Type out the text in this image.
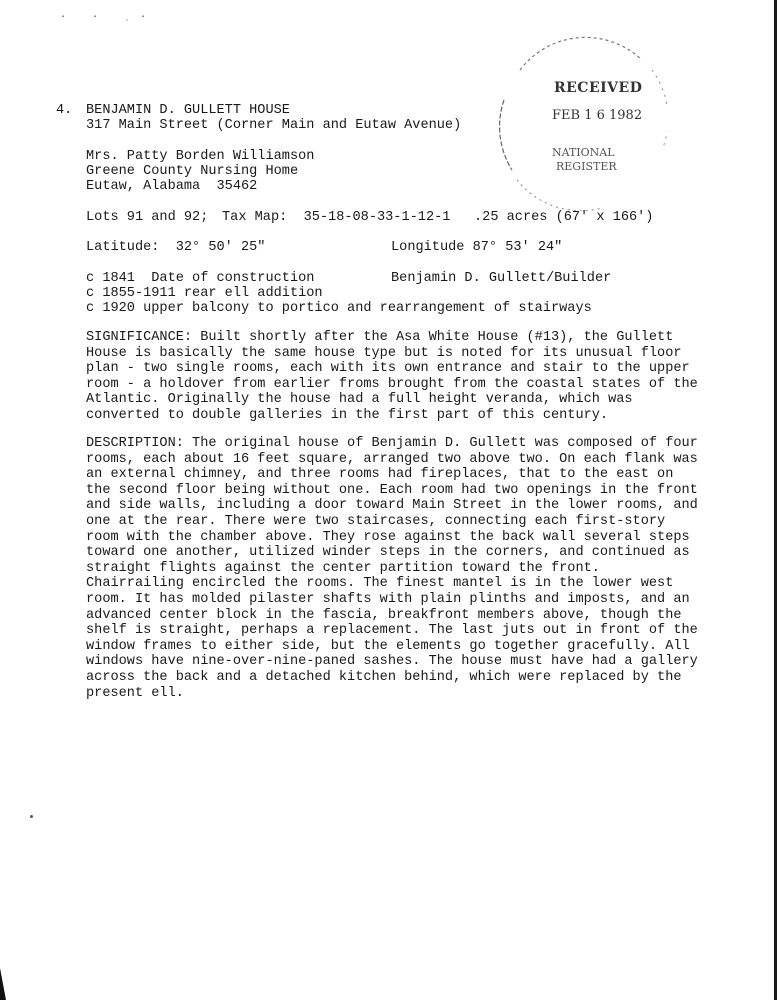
· · ˌ·
RECEIVED
FEB 1 6 1982
NATIONAL
REGISTER
4. BENJAMIN D. GULLETT HOUSE
317 Main Street (Corner Main and Eutaw Avenue)
Mrs. Patty Borden Williamson
Greene County Nursing Home
Eutaw, Alabama  35462
Lots 91 and 92; Tax Map:  35-18-08-33-1-12-1 .25 acres (67' x 166')
Latitude:  32° 50' 25"	Longitude 87° 53' 24"
c 1841  Date of construction	Benjamin D. Gullett/Builder
c 1855-1911 rear ell addition
c 1920 upper balcony to portico and rearrangement of stairways
SIGNIFICANCE: Built shortly after the Asa White House (#13), the Gullett House is basically the same house type but is noted for its unusual floor plan - two single rooms, each with its own entrance and stair to the upper room - a holdover from earlier froms brought from the coastal states of the Atlantic. Originally the house had a full height veranda, which was converted to double galleries in the first part of this century.
DESCRIPTION: The original house of Benjamin D. Gullett was composed of four rooms, each about 16 feet square, arranged two above two. On each flank was an external chimney, and three rooms had fireplaces, that to the east on the second floor being without one. Each room had two openings in the front and side walls, including a door toward Main Street in the lower rooms, and one at the rear. There were two staircases, connecting each first-story room with the chamber above. They rose against the back wall several steps toward one another, utilized winder steps in the corners, and continued as straight flights against the center partition toward the front. Chairrailing encircled the rooms. The finest mantel is in the lower west room. It has molded pilaster shafts with plain plinths and imposts, and an advanced center block in the fascia, breakfront members above, though the shelf is straight, perhaps a replacement. The last juts out in front of the window frames to either side, but the elements go together gracefully. All windows have nine-over-nine-paned sashes. The house must have had a gallery across the back and a detached kitchen behind, which were replaced by the present ell.
